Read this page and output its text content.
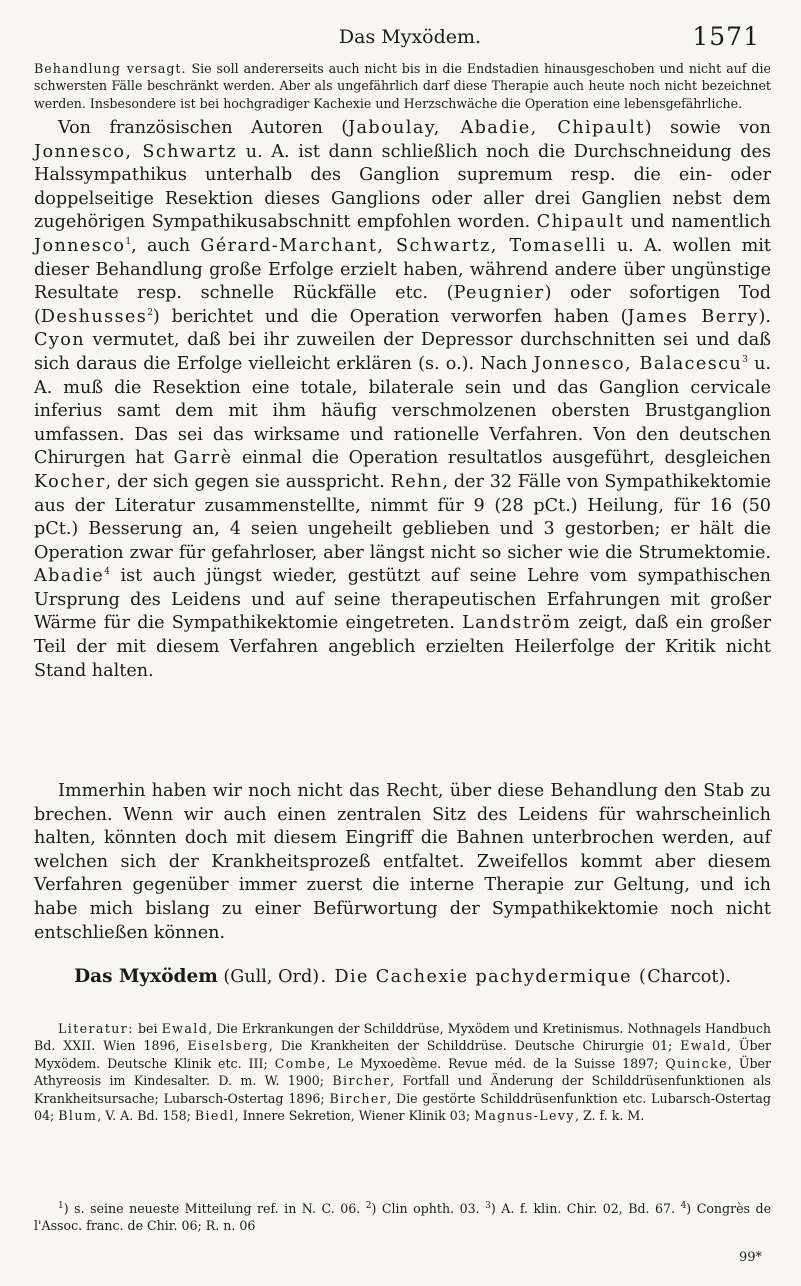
Das Myxödem.	1571

Behandlung versagt. Sie soll andererseits auch nicht bis in die Endstadien hinausgeschoben und nicht auf die schwersten Fälle beschränkt werden. Aber als ungefährlich darf diese Therapie auch heute noch nicht bezeichnet werden. Insbesondere ist bei hochgradiger Kachexie und Herzschwäche die Operation eine lebensgefährliche.

Von französischen Autoren (Jaboulay, Abadie, Chipault) sowie von Jonnesco, Schwartz u. A. ist dann schließlich noch die Durchschneidung des Halssympathikus unterhalb des Ganglion supremum resp. die ein- oder doppelseitige Resektion dieses Ganglions oder aller drei Ganglien nebst dem zugehörigen Sympathikusabschnitt empfohlen worden. Chipault und namentlich Jonnesco$^1$, auch Gérard-Marchant, Schwartz, Tomaselli u. A. wollen mit dieser Behandlung große Erfolge erzielt haben, während andere über ungünstige Resultate resp. schnelle Rückfälle etc. (Peugnier) oder sofortigen Tod (Deshusses$^2$) berichtet und die Operation verworfen haben (James Berry). Cyon vermutet, daß bei ihr zuweilen der Depressor durchschnitten sei und daß sich daraus die Erfolge vielleicht erklären (s. o.). Nach Jonnesco, Balacescu$^3$ u. A. muß die Resektion eine totale, bilaterale sein und das Ganglion cervicale inferius samt dem mit ihm häufig verschmolzenen obersten Brustganglion umfassen. Das sei das wirksame und rationelle Verfahren. Von den deutschen Chirurgen hat Garrè einmal die Operation resultatlos ausgeführt, desgleichen Kocher, der sich gegen sie ausspricht. Rehn, der 32 Fälle von Sympathikektomie aus der Literatur zusammenstellte, nimmt für 9 (28 pCt.) Heilung, für 16 (50 pCt.) Besserung an, 4 seien ungeheilt geblieben und 3 gestorben; er hält die Operation zwar für gefahrloser, aber längst nicht so sicher wie die Strumektomie. Abadie$^4$ ist auch jüngst wieder, gestützt auf seine Lehre vom sympathischen Ursprung des Leidens und auf seine therapeutischen Erfahrungen mit großer Wärme für die Sympathikektomie eingetreten. Landström zeigt, daß ein großer Teil der mit diesem Verfahren angeblich erzielten Heilerfolge der Kritik nicht Stand halten.

Immerhin haben wir noch nicht das Recht, über diese Behandlung den Stab zu brechen. Wenn wir auch einen zentralen Sitz des Leidens für wahrscheinlich halten, könnten doch mit diesem Eingriff die Bahnen unterbrochen werden, auf welchen sich der Krankheitsprozeß entfaltet. Zweifellos kommt aber diesem Verfahren gegenüber immer zuerst die interne Therapie zur Geltung, und ich habe mich bislang zu einer Befürwortung der Sympathikektomie noch nicht entschließen können.

Das Myxödem (Gull, Ord). Die Cachexie pachydermique (Charcot).

Literatur: bei Ewald, Die Erkrankungen der Schilddrüse, Myxödem und Kretinismus. Nothnagels Handbuch Bd. XXII. Wien 1896, Eiselsberg, Die Krankheiten der Schilddrüse. Deutsche Chirurgie 01; Ewald, Über Myxödem. Deutsche Klinik etc. III; Combe, Le Myxoedème. Revue méd. de la Suisse 1897; Quincke, Über Athyreosis im Kindesalter. D. m. W. 1900; Bircher, Fortfall und Änderung der Schilddrüsenfunktionen als Krankheitsursache; Lubarsch-Ostertag 1896; Bircher, Die gestörte Schilddrüsenfunktion etc. Lubarsch-Ostertag 04; Blum, V. A. Bd. 158; Biedl, Innere Sekretion, Wiener Klinik 03; Magnus-Levy, Z. f. k. M.

$^1$) s. seine neueste Mitteilung ref. in N. C. 06. $^2$) Clin ophth. 03. $^3$) A. f. klin. Chir. 02, Bd. 67. $^4$) Congrès de l'Assoc. franc. de Chir. 06; R. n. 06

99*
